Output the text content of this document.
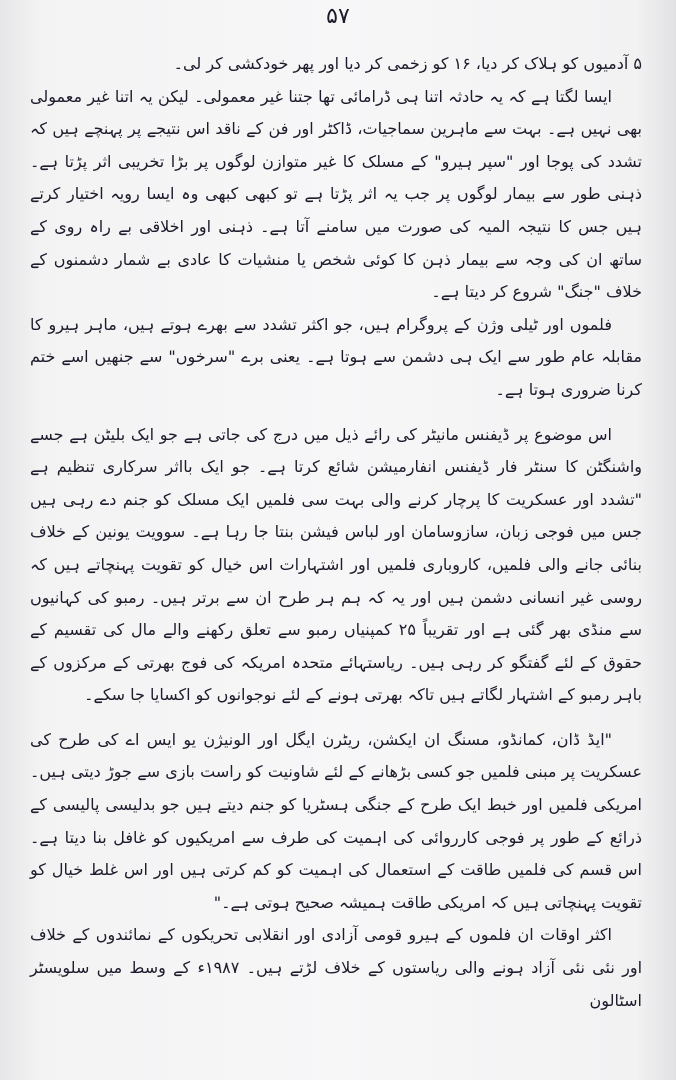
۵۷

۵ آدمیوں کو ہلاک کر دیا، ۱۶ کو زخمی کر دیا اور پھر خودکشی کر لی۔

ایسا لگتا ہے کہ یہ حادثہ اتنا ہی ڈرامائی تھا جتنا غیر معمولی۔ لیکن یہ اتنا غیر معمولی بھی نہیں ہے۔ بہت سے ماہرین سماجیات، ڈاکٹر اور فن کے ناقد اس نتیجے پر پہنچے ہیں کہ تشدد کی پوجا اور "سپر ہیرو" کے مسلک کا غیر متوازن لوگوں پر بڑا تخریبی اثر پڑتا ہے۔ ذہنی طور سے بیمار لوگوں پر جب یہ اثر پڑتا ہے تو کبھی کبھی وہ ایسا رویہ اختیار کرتے ہیں جس کا نتیجہ المیہ کی صورت میں سامنے آتا ہے۔ ذہنی اور اخلاقی بے راہ روی کے ساتھ ان کی وجہ سے بیمار ذہن کا کوئی شخص یا منشیات کا عادی بے شمار دشمنوں کے خلاف "جنگ" شروع کر دیتا ہے۔

فلموں اور ٹیلی وژن کے پروگرام ہیں، جو اکثر تشدد سے بھرے ہوتے ہیں، ماہر ہیرو کا مقابلہ عام طور سے ایک ہی دشمن سے ہوتا ہے۔ یعنی برے "سرخوں" سے جنھیں اسے ختم کرنا ضروری ہوتا ہے۔

اس موضوع پر ڈیفنس مانیٹر کی رائے ذیل میں درج کی جاتی ہے جو ایک بلیٹن ہے جسے واشنگٹن کا سنٹر فار ڈیفنس انفارمیشن شائع کرتا ہے۔ جو ایک بااثر سرکاری تنظیم ہے "تشدد اور عسکریت کا پرچار کرنے والی بہت سی فلمیں ایک مسلک کو جنم دے رہی ہیں جس میں فوجی زبان، سازوسامان اور لباس فیشن بنتا جا رہا ہے۔ سوویت یونین کے خلاف بنائی جانے والی فلمیں، کاروباری فلمیں اور اشتہارات اس خیال کو تقویت پہنچاتے ہیں کہ روسی غیر انسانی دشمن ہیں اور یہ کہ ہم ہر طرح ان سے برتر ہیں۔ رمبو کی کہانیوں سے منڈی بھر گئی ہے اور تقریباً ۲۵ کمپنیاں رمبو سے تعلق رکھنے والے مال کی تقسیم کے حقوق کے لئے گفتگو کر رہی ہیں۔ ریاستہائے متحدہ امریکہ کی فوج بھرتی کے مرکزوں کے باہر رمبو کے اشتہار لگاتے ہیں تاکہ بھرتی ہونے کے لئے نوجوانوں کو اکسایا جا سکے۔

"ایڈ ڈان، کمانڈو، مسنگ ان ایکشن، ریٹرن ایگل اور الونیژن یو ایس اے کی طرح کی عسکریت پر مبنی فلمیں جو کسی بڑھانے کے لئے شاونیت کو راست بازی سے جوڑ دیتی ہیں۔ امریکی فلمیں اور خبط ایک طرح کے جنگی ہسٹریا کو جنم دیتے ہیں جو بدلیسی پالیسی کے ذرائع کے طور پر فوجی کارروائی کی اہمیت کی طرف سے امریکیوں کو غافل بنا دیتا ہے۔ اس قسم کی فلمیں طاقت کے استعمال کی اہمیت کو کم کرتی ہیں اور اس غلط خیال کو تقویت پہنچاتی ہیں کہ امریکی طاقت ہمیشہ صحیح ہوتی ہے۔"

اکثر اوقات ان فلموں کے ہیرو قومی آزادی اور انقلابی تحریکوں کے نمائندوں کے خلاف اور نئی نئی آزاد ہونے والی ریاستوں کے خلاف لڑتے ہیں۔ ۱۹۸۷ء کے وسط میں سلویسٹر اسٹالون
